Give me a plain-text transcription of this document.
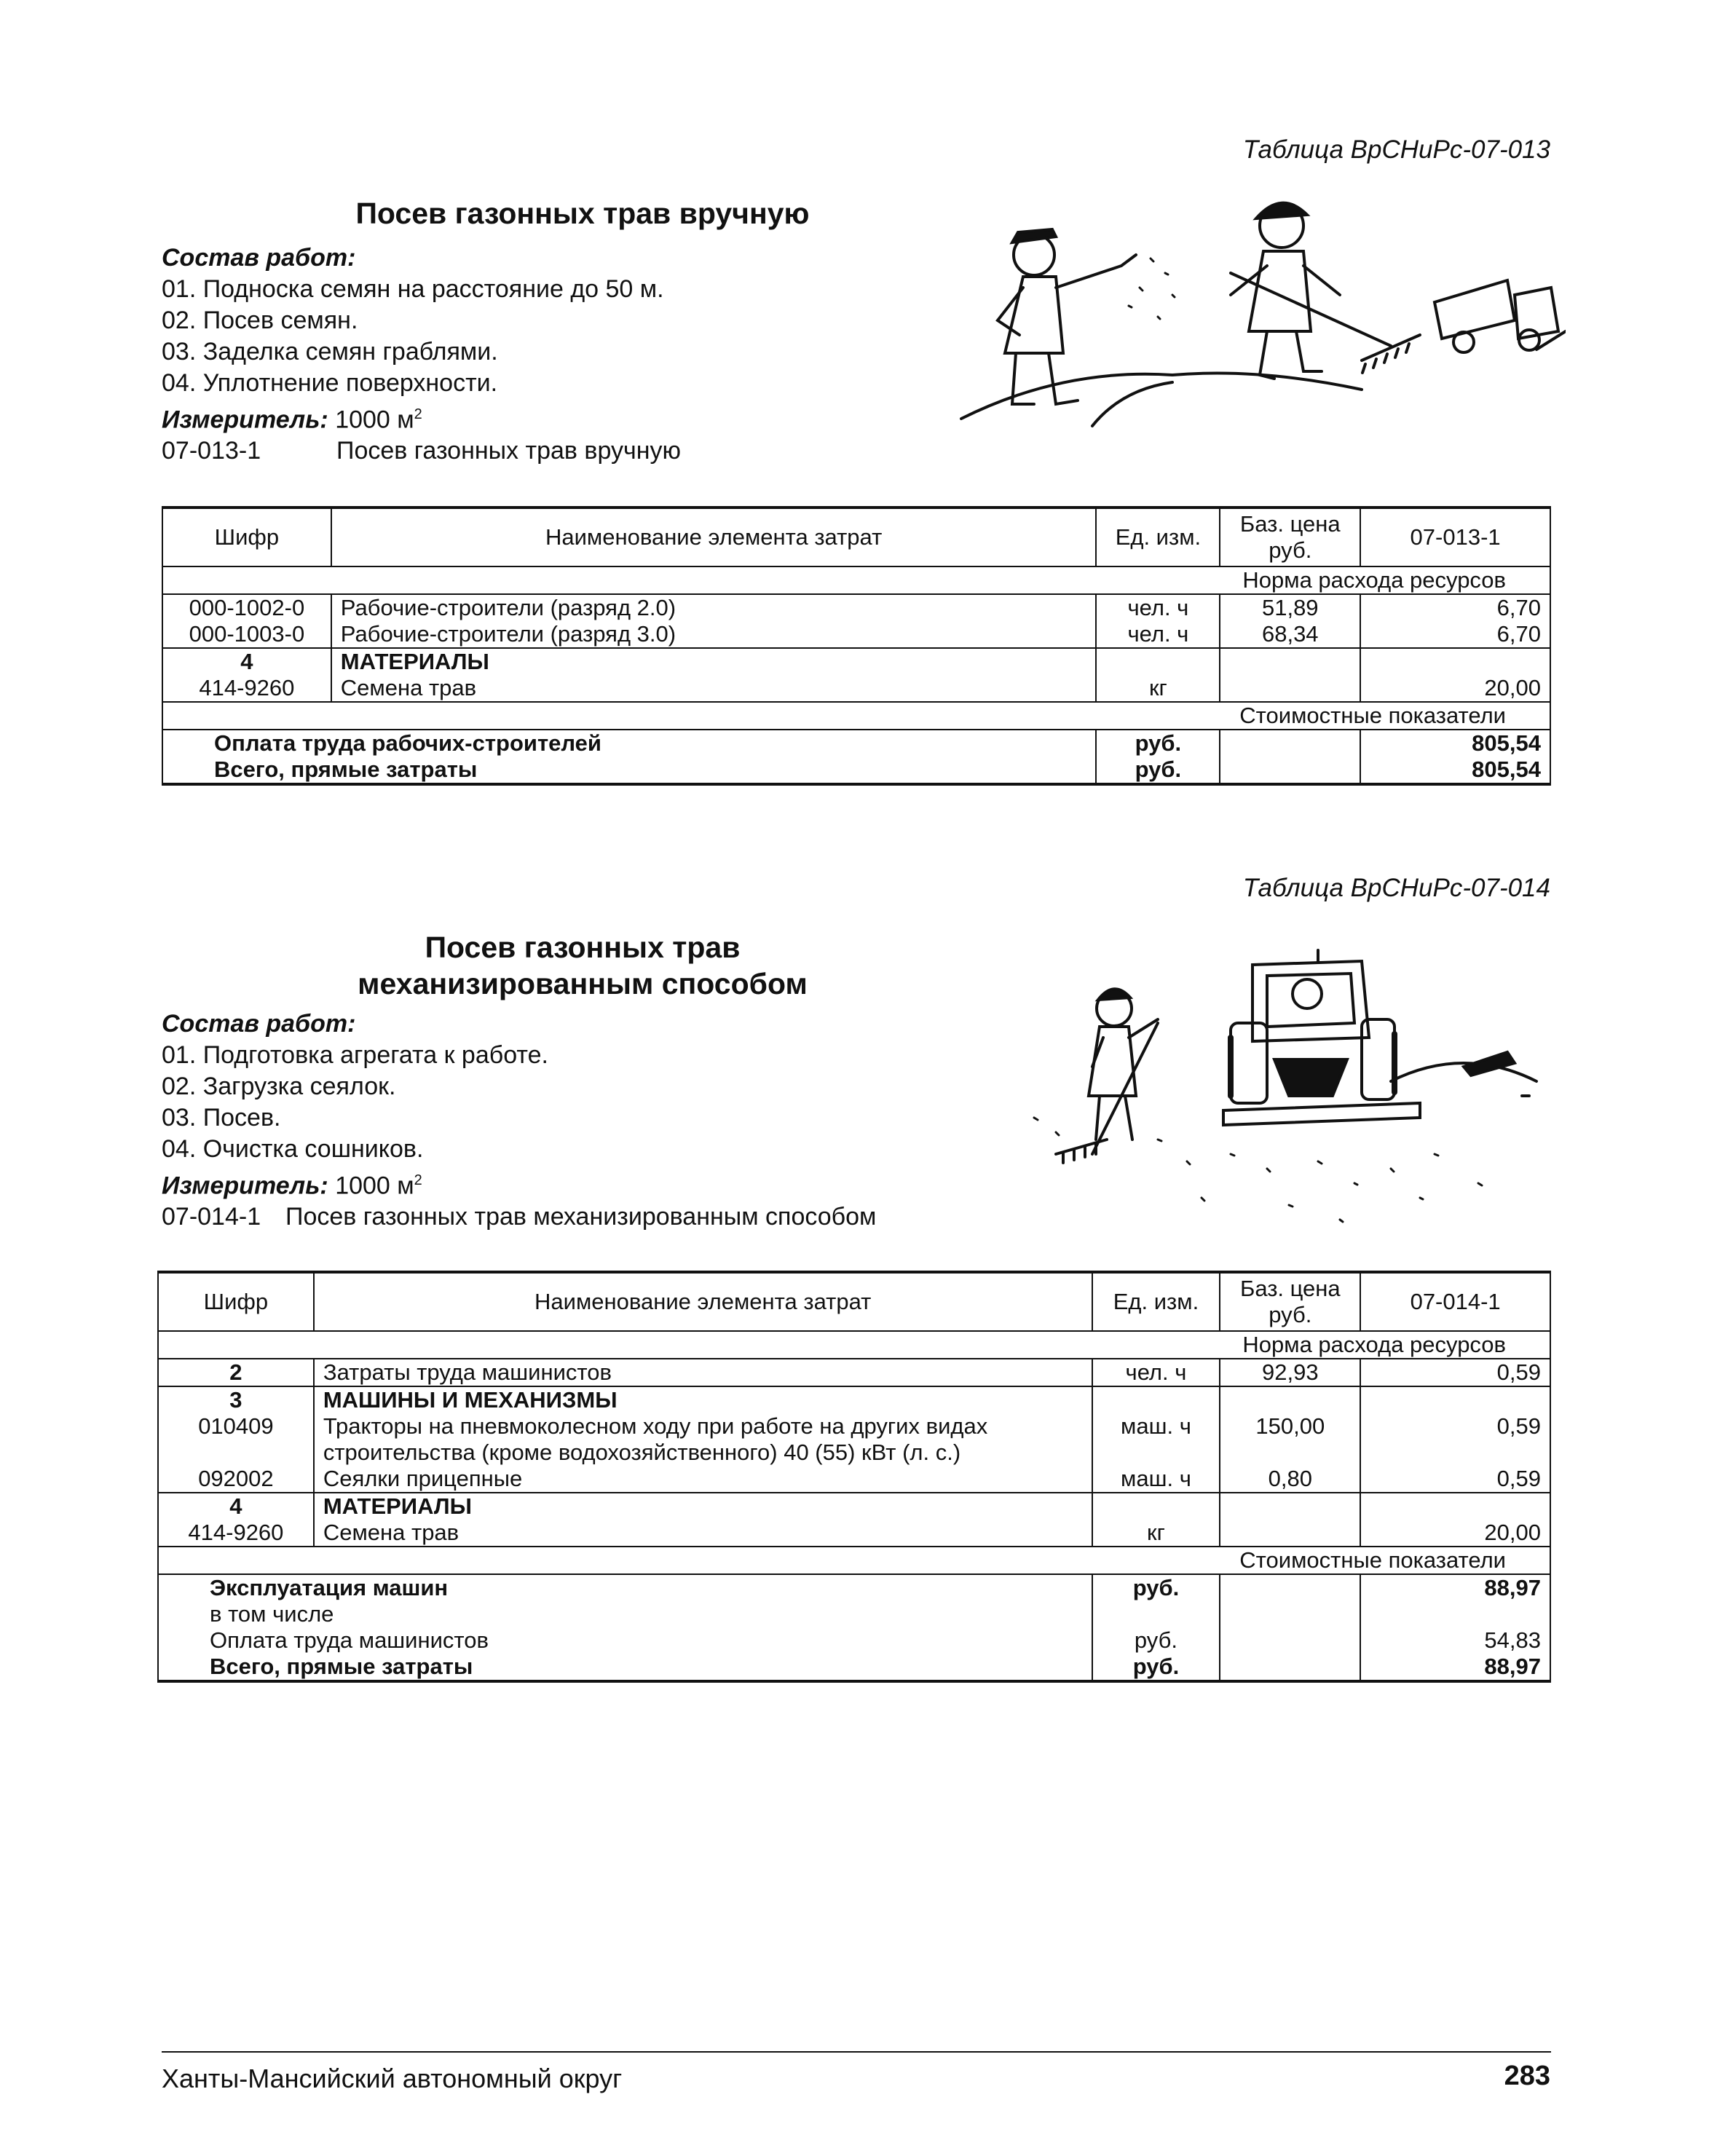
Таблица ВрСНиРс-07-013
Посев газонных трав вручную
Состав работ:
01. Подноска семян на расстояние до 50 м.
02. Посев семян.
03. Заделка семян граблями.
04. Уплотнение поверхности.
Измеритель: 1000 $м^2$
07-013-1	Посев газонных трав вручную
Шифр	Наименование элемента затрат	Ед. изм.	Баз. цена руб.	07-013-1
Норма расхода ресурсов				
000-1002-0	Рабочие-строители (разряд 2.0)	чел. ч	51,89	6,70
000-1003-0	Рабочие-строители (разряд 3.0)	чел. ч	68,34	6,70
4	МАТЕРИАЛЫ			
414-9260	Семена трав	кг		20,00
Стоимостные показатели				
Оплата труда рабочих-строителей		руб.		805,54
Всего, прямые затраты		руб.		805,54
Таблица ВрСНиРс-07-014
Посев газонных трав
механизированным способом
Состав работ:
01. Подготовка агрегата к работе.
02. Загрузка сеялок.
03. Посев.
04. Очистка сошников.
Измеритель: 1000 $м^2$
07-014-1 Посев газонных трав механизированным способом
Шифр	Наименование элемента затрат	Ед. изм.	Баз. цена руб.	07-014-1
Норма расхода ресурсов				
2	Затраты труда машинистов	чел. ч	92,93	0,59
3	МАШИНЫ И МЕХАНИЗМЫ			
010409	Тракторы на пневмоколесном ходу при работе на других видах строительства (кроме водохозяйственного) 40 (55) кВт (л. с.)	маш. ч	150,00	0,59
092002	Сеялки прицепные	маш. ч	0,80	0,59
4	МАТЕРИАЛЫ			
414-9260	Семена трав	кг		20,00
Стоимостные показатели				
Эксплуатация машин		руб.		88,97
в том числе				
Оплата труда машинистов		руб.		54,83
Всего, прямые затраты		руб.		88,97
Ханты-Мансийский автономный округ	283
